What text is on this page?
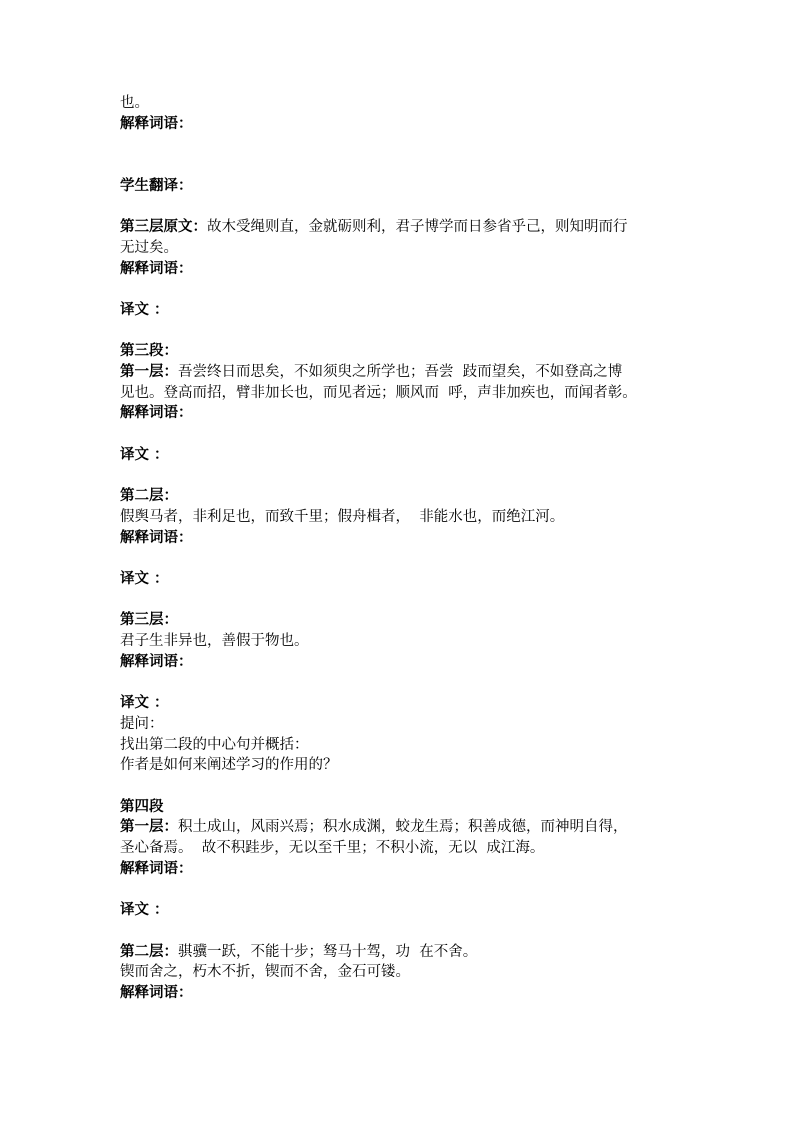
也。
解释词语：
学生翻译：
第三层原文：故木受绳则直，金就砺则利，君子博学而日参省乎己，则知明而行
无过矣。
解释词语：
译文 ：
第三段：
第一层：吾尝终日而思矣，不如须臾之所学也；吾尝  跂而望矣，不如登高之博
见也。登高而招，臂非加长也，而见者远；顺风而  呼，声非加疾也，而闻者彰。
解释词语：
译文 ：
第二层：
假舆马者，非利足也，而致千里；假舟楫者，  非能水也，而绝江河。
解释词语：
译文 ：
第三层：
君子生非异也，善假于物也。
解释词语：
译文 ：
提问：
找出第二段的中心句并概括：
作者是如何来阐述学习的作用的？
第四段
第一层：积土成山，风雨兴焉；积水成渊，蛟龙生焉；积善成德，而神明自得，
圣心备焉。  故不积跬步，无以至千里；不积小流，无以  成江海。
解释词语：
译文 ：
第二层：骐骥一跃，不能十步；驽马十驾，功  在不舍。
锲而舍之，朽木不折，锲而不舍，金石可镂。
解释词语：
